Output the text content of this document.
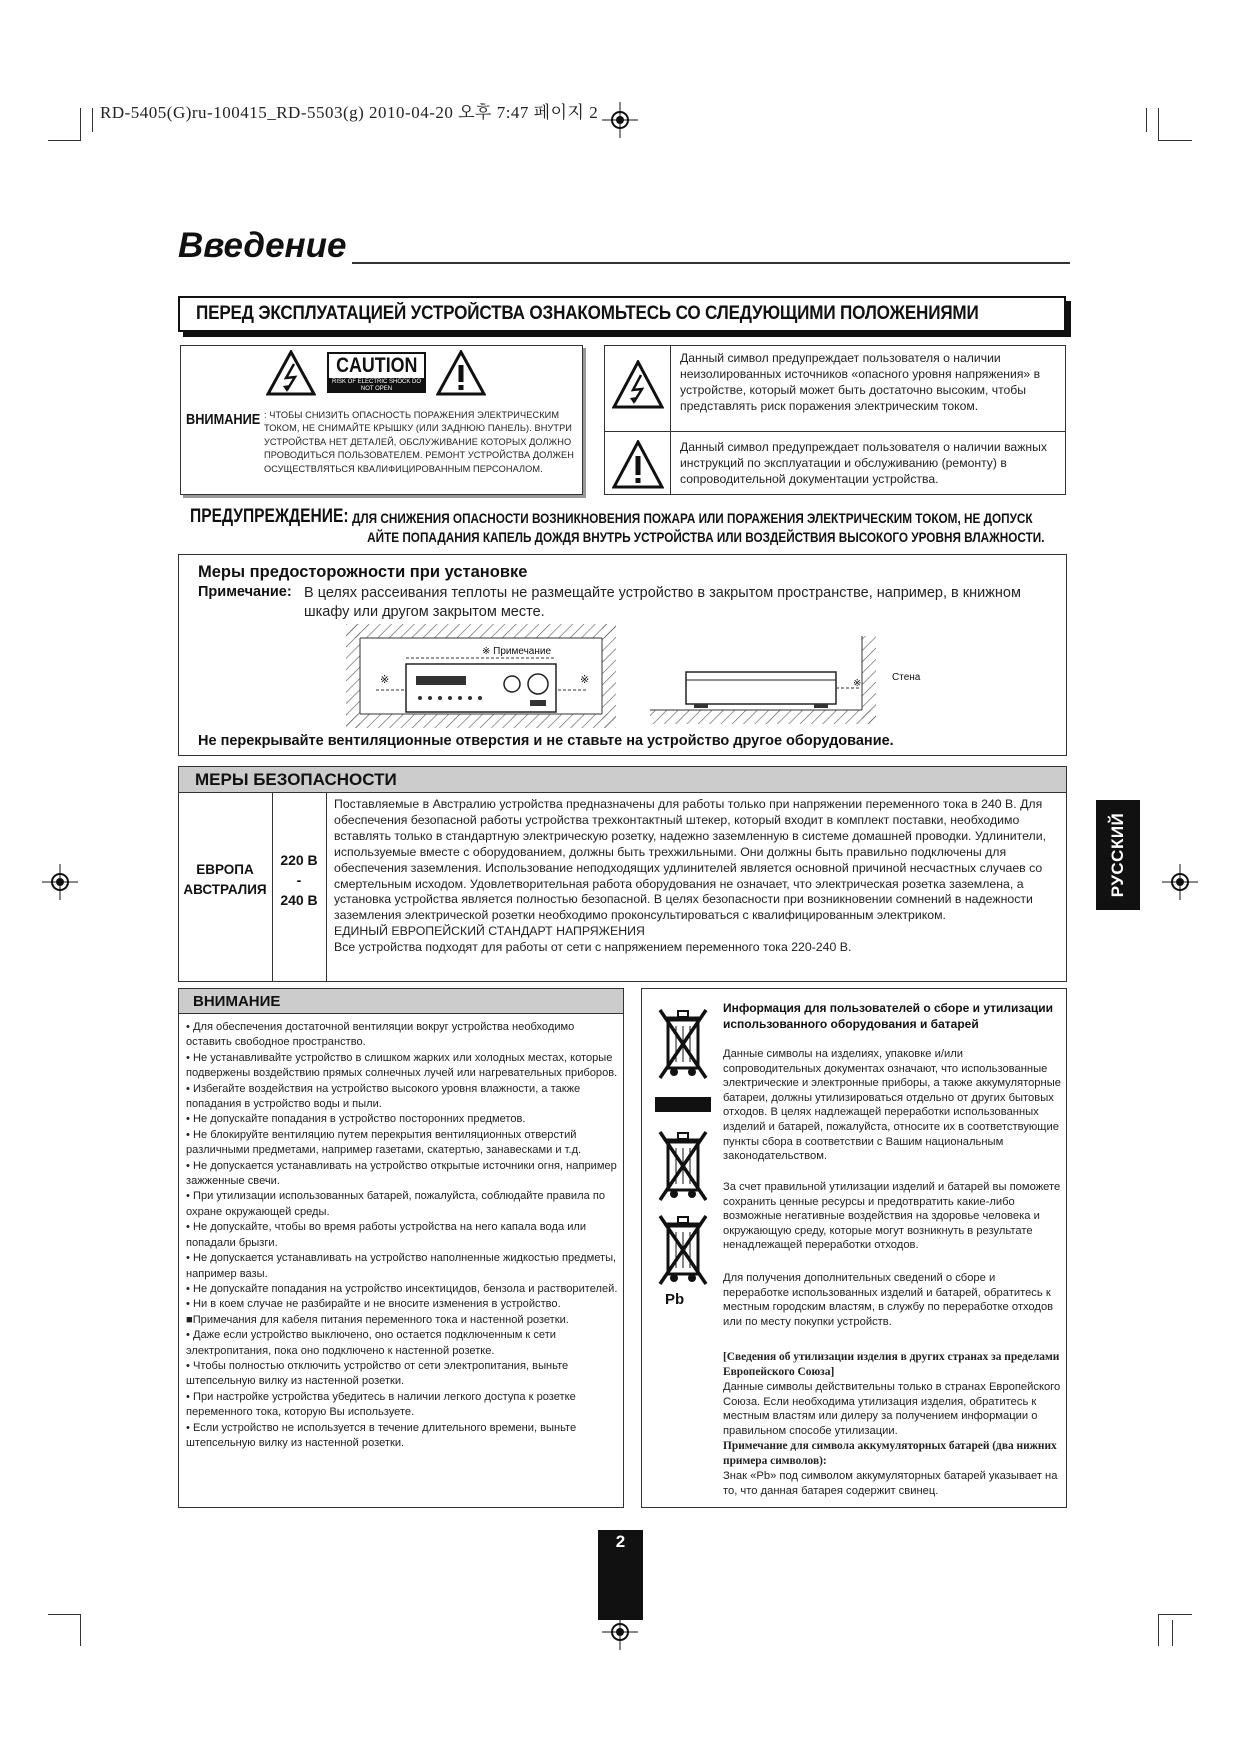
RD-5405(G)ru-100415_RD-5503(g) 2010-04-20 오후 7:47 페이지 2
Введение
ПЕРЕД ЭКСПЛУАТАЦИЕЙ УСТРОЙСТВА ОЗНАКОМЬТЕСЬ СО СЛЕДУЮЩИМИ ПОЛОЖЕНИЯМИ
CAUTION
RISK OF ELECTRIC SHOCK DO NOT OPEN
ВНИМАНИЕ : ЧТОБЫ СНИЗИТЬ ОПАСНОСТЬ ПОРАЖЕНИЯ ЭЛЕКТРИЧЕСКИМ ТОКОМ, НЕ СНИМАЙТЕ КРЫШКУ (ИЛИ ЗАДНЮЮ ПАНЕЛЬ). ВНУТРИ УСТРОЙСТВА НЕТ ДЕТАЛЕЙ, ОБСЛУЖИВАНИЕ КОТОРЫХ ДОЛЖНО ПРОВОДИТЬСЯ ПОЛЬЗОВАТЕЛЕМ. РЕМОНТ УСТРОЙСТВА ДОЛЖЕН ОСУЩЕСТВЛЯТЬСЯ КВАЛИФИЦИРОВАННЫМ ПЕРСОНАЛОМ.
Данный символ предупреждает пользователя о наличии неизолированных источников «опасного уровня напряжения» в устройстве, который может быть достаточно высоким, чтобы представлять риск поражения электрическим током.
Данный символ предупреждает пользователя о наличии важных инструкций по эксплуатации и обслуживанию (ремонту) в сопроводительной документации устройства.
ПРЕДУПРЕЖДЕНИЕ: ДЛЯ СНИЖЕНИЯ ОПАСНОСТИ ВОЗНИКНОВЕНИЯ ПОЖАРА ИЛИ ПОРАЖЕНИЯ ЭЛЕКТРИЧЕСКИМ ТОКОМ, НЕ ДОПУСК
АЙТЕ ПОПАДАНИЯ КАПЕЛЬ ДОЖДЯ ВНУТРЬ УСТРОЙСТВА ИЛИ ВОЗДЕЙСТВИЯ ВЫСОКОГО УРОВНЯ ВЛАЖНОСТИ.
Меры предосторожности при установке
Примечание: В целях рассеивания теплоты не размещайте устройство в закрытом пространстве, например, в книжном шкафу или другом закрытом месте.
※ Примечание
※	※	※
Стена
Не перекрывайте вентиляционные отверстия и не ставьте на устройство другое оборудование.
МЕРЫ БЕЗОПАСНОСТИ
ЕВРОПА
АВСТРАЛИЯ
220 В
-
240 В
Поставляемые в Австралию устройства предназначены для работы только при напряжении переменного тока в 240 В. Для обеспечения безопасной работы устройства трехконтактный штекер, который входит в комплект поставки, необходимо вставлять только в стандартную электрическую розетку, надежно заземленную в системе домашней проводки. Удлинители, используемые вместе с оборудованием, должны быть трехжильными. Они должны быть правильно подключены для обеспечения заземления. Использование неподходящих удлинителей является основной причиной несчастных случаев со смертельным исходом. Удовлетворительная работа оборудования не означает, что электрическая розетка заземлена, а установка устройства является полностью безопасной. В целях безопасности при возникновении сомнений в надежности заземления электрической розетки необходимо проконсультироваться с квалифицированным электриком.
ЕДИНЫЙ ЕВРОПЕЙСКИЙ СТАНДАРТ НАПРЯЖЕНИЯ
Все устройства подходят для работы от сети с напряжением переменного тока 220-240 В.
РУССКИЙ
ВНИМАНИЕ
• Для обеспечения достаточной вентиляции вокруг устройства необходимо оставить свободное пространство.
• Не устанавливайте устройство в слишком жарких или холодных местах, которые подвержены воздействию прямых солнечных лучей или нагревательных приборов.
• Избегайте воздействия на устройство высокого уровня влажности, а также попадания в устройство воды и пыли.
• Не допускайте попадания в устройство посторонних предметов.
• Не блокируйте вентиляцию путем перекрытия вентиляционных отверстий различными предметами, например газетами, скатертью, занавесками и т.д.
• Не допускается устанавливать на устройство открытые источники огня, например зажженные свечи.
• При утилизации использованных батарей, пожалуйста, соблюдайте правила по охране окружающей среды.
• Не допускайте, чтобы во время работы устройства на него капала вода или попадали брызги.
• Не допускается устанавливать на устройство наполненные жидкостью предметы, например вазы.
• Не допускайте попадания на устройство инсектицидов, бензола и растворителей.
• Ни в коем случае не разбирайте и не вносите изменения в устройство.
■Примечания для кабеля питания переменного тока и настенной розетки.
• Даже если устройство выключено, оно остается подключенным к сети электропитания, пока оно подключено к настенной розетке.
• Чтобы полностью отключить устройство от сети электропитания, выньте штепсельную вилку из настенной розетки.
• При настройке устройства убедитесь в наличии легкого доступа к розетке переменного тока, которую Вы используете.
• Если устройство не используется в течение длительного времени, выньте штепсельную вилку из настенной розетки.
Pb
Информация для пользователей о сборе и утилизации использованного оборудования и батарей
Данные символы на изделиях, упаковке и/или сопроводительных документах означают, что использованные электрические и электронные приборы, а также аккумуляторные батареи, должны утилизироваться отдельно от других бытовых отходов. В целях надлежащей переработки использованных изделий и батарей, пожалуйста, относите их в соответствующие пункты сбора в соответствии с Вашим национальным законодательством.
За счет правильной утилизации изделий и батарей вы поможете сохранить ценные ресурсы и предотвратить какие-либо возможные негативные воздействия на здоровье человека и окружающую среду, которые могут возникнуть в результате ненадлежащей переработки отходов.
Для получения дополнительных сведений о сборе и переработке использованных изделий и батарей, обратитесь к местным городским властям, в службу по переработке отходов или по месту покупки устройств.
[Сведения об утилизации изделия в других странах за пределами Европейского Союза]
Данные символы действительны только в странах Европейского Союза. Если необходима утилизация изделия, обратитесь к местным властям или дилеру за получением информации о правильном способе утилизации.
Примечание для символа аккумуляторных батарей (два нижних примера символов):
Знак «Pb» под символом аккумуляторных батарей указывает на то, что данная батарея содержит свинец.
2
